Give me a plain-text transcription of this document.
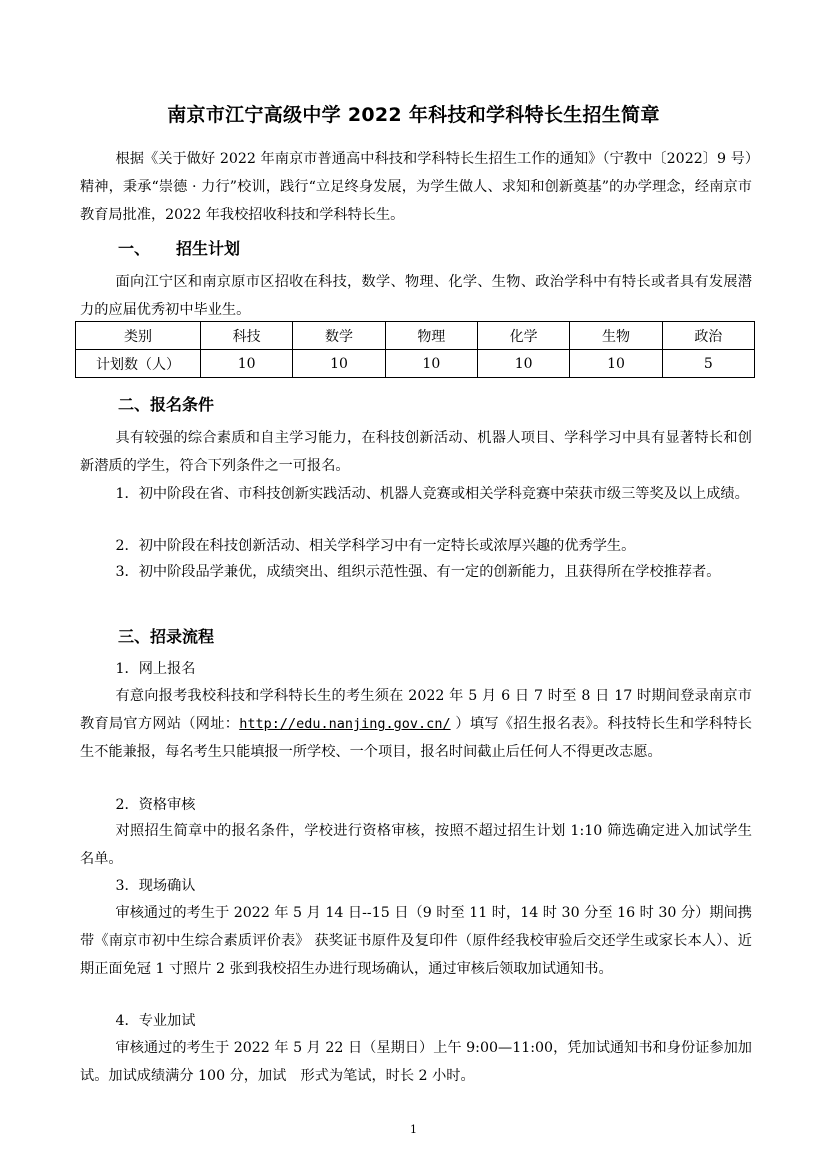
南京市江宁高级中学 2022 年科技和学科特长生招生简章

根据《关于做好 2022 年南京市普通高中科技和学科特长生招生工作的通知》（宁教中〔2022〕9 号）精神，秉承“崇德 · 力行”校训，践行“立足终身发展，为学生做人、求知和创新奠基”的办学理念，经南京市教育局批准，2022 年我校招收科技和学科特长生。

一、 招生计划

面向江宁区和南京原市区招收在科技，数学、物理、化学、生物、政治学科中有特长或者具有发展潜力的应届优秀初中毕业生。

类别	科技	数学	物理	化学	生物	政治
计划数（人）	10	10	10	10	10	5
二、报名条件

具有较强的综合素质和自主学习能力，在科技创新活动、机器人项目、学科学习中具有显著特长和创新潜质的学生，符合下列条件之一可报名。

1．初中阶段在省、市科技创新实践活动、机器人竞赛或相关学科竞赛中荣获市级三等奖及以上成绩。

2．初中阶段在科技创新活动、相关学科学习中有一定特长或浓厚兴趣的优秀学生。

3．初中阶段品学兼优，成绩突出、组织示范性强、有一定的创新能力，且获得所在学校推荐者。

三、招录流程

1．网上报名

有意向报考我校科技和学科特长生的考生须在 2022 年 5 月 6 日 7 时至 8 日 17 时期间登录南京市教育局官方网站（网址：http://edu.nanjing.gov.cn/ ）填写《招生报名表》。科技特长生和学科特长生不能兼报，每名考生只能填报一所学校、一个项目，报名时间截止后任何人不得更改志愿。

2．资格审核

对照招生简章中的报名条件，学校进行资格审核，按照不超过招生计划 1:10 筛选确定进入加试学生名单。

3．现场确认

审核通过的考生于 2022 年 5 月 14 日--15 日（9 时至 11 时，14 时 30 分至 16 时 30 分）期间携带《南京市初中生综合素质评价表》 获奖证书原件及复印件（原件经我校审验后交还学生或家长本人）、近期正面免冠 1 寸照片 2 张到我校招生办进行现场确认，通过审核后领取加试通知书。

4．专业加试

审核通过的考生于 2022 年 5 月 22 日（星期日）上午 9:00—11:00，凭加试通知书和身份证参加加试。加试成绩满分 100 分，加试　形式为笔试，时长 2 小时。

1
